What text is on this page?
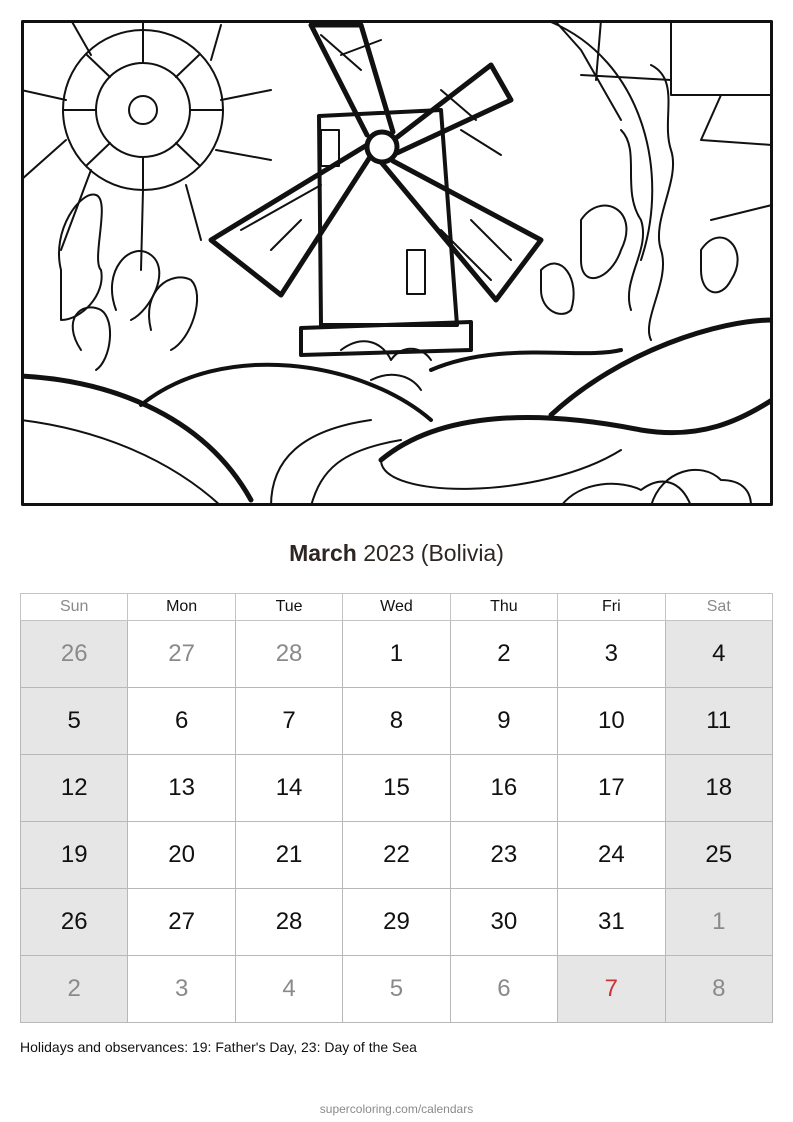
March 2023 (Bolivia)
Sun	Mon	Tue	Wed	Thu	Fri	Sat
26	27	28	1	2	3	4
5	6	7	8	9	10	11
12	13	14	15	16	17	18
19	20	21	22	23	24	25
26	27	28	29	30	31	1
2	3	4	5	6	7	8
Holidays and observances: 19: Father's Day, 23: Day of the Sea
supercoloring.com/calendars
